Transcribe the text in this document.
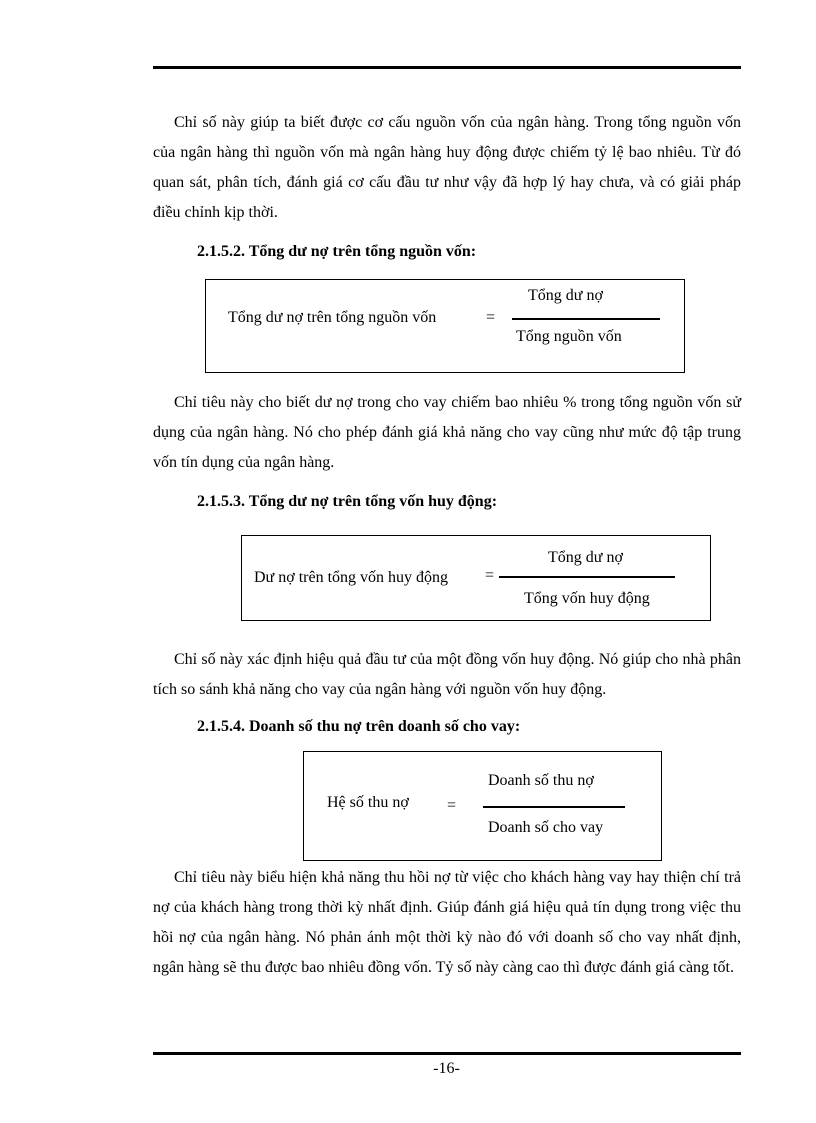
Chỉ số này giúp ta biết được cơ cấu nguồn vốn của ngân hàng. Trong tổng nguồn vốn của ngân hàng thì nguồn vốn mà ngân hàng huy động được chiếm tỷ lệ bao nhiêu. Từ đó quan sát, phân tích, đánh giá cơ cấu đầu tư như vậy đã hợp lý hay chưa, và có giải pháp điều chỉnh kịp thời.

2.1.5.2. Tổng dư nợ trên tổng nguồn vốn:

Tổng dư nợ trên tổng nguồn vốn	=
Tổng dư nợ
Tổng nguồn vốn

Chỉ tiêu này cho biết dư nợ trong cho vay chiếm bao nhiêu % trong tổng nguồn vốn sử dụng của ngân hàng. Nó cho phép đánh giá khả năng cho vay cũng như mức độ tập trung vốn tín dụng của ngân hàng.

2.1.5.3. Tổng dư nợ trên tổng vốn huy động:

Dư nợ trên tổng vốn huy động =
Tổng dư nợ
Tổng vốn huy động

Chỉ số này xác định hiệu quả đầu tư của một đồng vốn huy động. Nó giúp cho nhà phân tích so sánh khả năng cho vay của ngân hàng với nguồn vốn huy động.

2.1.5.4. Doanh số thu nợ trên doanh số cho vay:

Hệ số thu nợ =
Doanh số thu nợ
Doanh số cho vay

Chỉ tiêu này biểu hiện khả năng thu hồi nợ từ việc cho khách hàng vay hay thiện chí trả nợ của khách hàng trong thời kỳ nhất định. Giúp đánh giá hiệu quả tín dụng trong việc thu hồi nợ của ngân hàng. Nó phản ánh một thời kỳ nào đó với doanh số cho vay nhất định, ngân hàng sẽ thu được bao nhiêu đồng vốn. Tỷ số này càng cao thì được đánh giá càng tốt.

-16-
